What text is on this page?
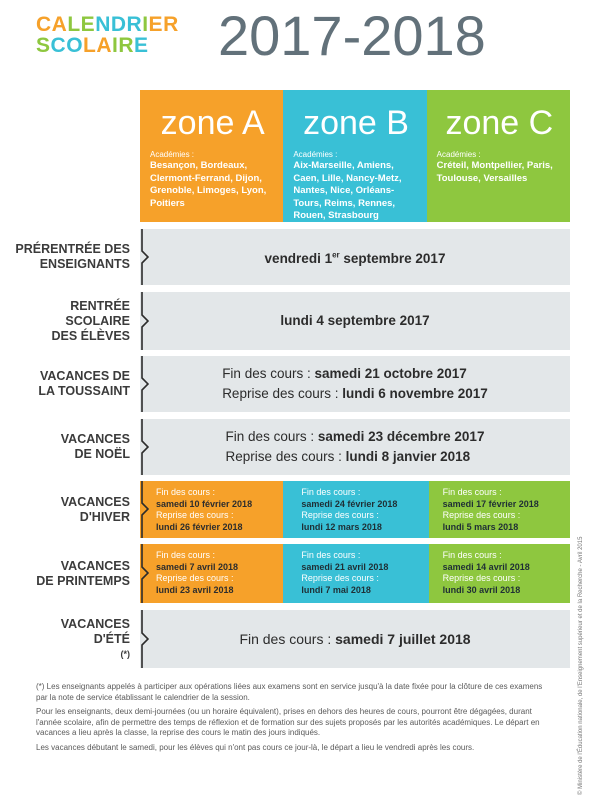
CALENDRIER
SCOLAIRE	2017-2018
zone A
Académies :
Besançon, Bordeaux, Clermont-Ferrand, Dijon, Grenoble, Limoges, Lyon, Poitiers
zone B
Académies :
Aix-Marseille, Amiens, Caen, Lille, Nancy-Metz, Nantes, Nice, Orléans-Tours, Reims, Rennes, Rouen, Strasbourg
zone C
Académies :
Créteil, Montpellier, Paris, Toulouse, Versailles
PRÉRENTRÉE DES
ENSEIGNANTS	vendredi 1er septembre 2017
RENTRÉE
SCOLAIRE
DES ÉLÈVES
lundi 4 septembre 2017
VACANCES DE
LA TOUSSAINT
Fin des cours : samedi 21 octobre 2017
Reprise des cours : lundi 6 novembre 2017
VACANCES
DE NOËL
Fin des cours : samedi 23 décembre 2017
Reprise des cours : lundi 8 janvier 2018
VACANCES
D'HIVER
Fin des cours :
samedi 10 février 2018
Reprise des cours :
lundi 26 février 2018
Fin des cours :
samedi 24 février 2018
Reprise des cours :
lundi 12 mars 2018
Fin des cours :
samedi 17 février 2018
Reprise des cours :
lundi 5 mars 2018
VACANCES
DE PRINTEMPS
Fin des cours :
samedi 7 avril 2018
Reprise des cours :
lundi 23 avril 2018
Fin des cours :
samedi 21 avril 2018
Reprise des cours :
lundi 7 mai 2018
Fin des cours :
samedi 14 avril 2018
Reprise des cours :
lundi 30 avril 2018
VACANCES
D'ÉTÉ
(*)
Fin des cours : samedi 7 juillet 2018

(*) Les enseignants appelés à participer aux opérations liées aux examens sont en service jusqu'à la date fixée pour la clôture de ces examens par la note de service établissant le calendrier de la session.

Pour les enseignants, deux demi-journées (ou un horaire équivalent), prises en dehors des heures de cours, pourront être dégagées, durant l'année scolaire, afin de permettre des temps de réflexion et de formation sur des sujets proposés par les autorités académiques. Le départ en vacances a lieu après la classe, la reprise des cours le matin des jours indiqués.

Les vacances débutant le samedi, pour les élèves qui n'ont pas cours ce jour-là, le départ a lieu le vendredi après les cours.	© Ministère de l'Éducation nationale, de l'Enseignement supérieur et de la Recherche - Avril 2015
